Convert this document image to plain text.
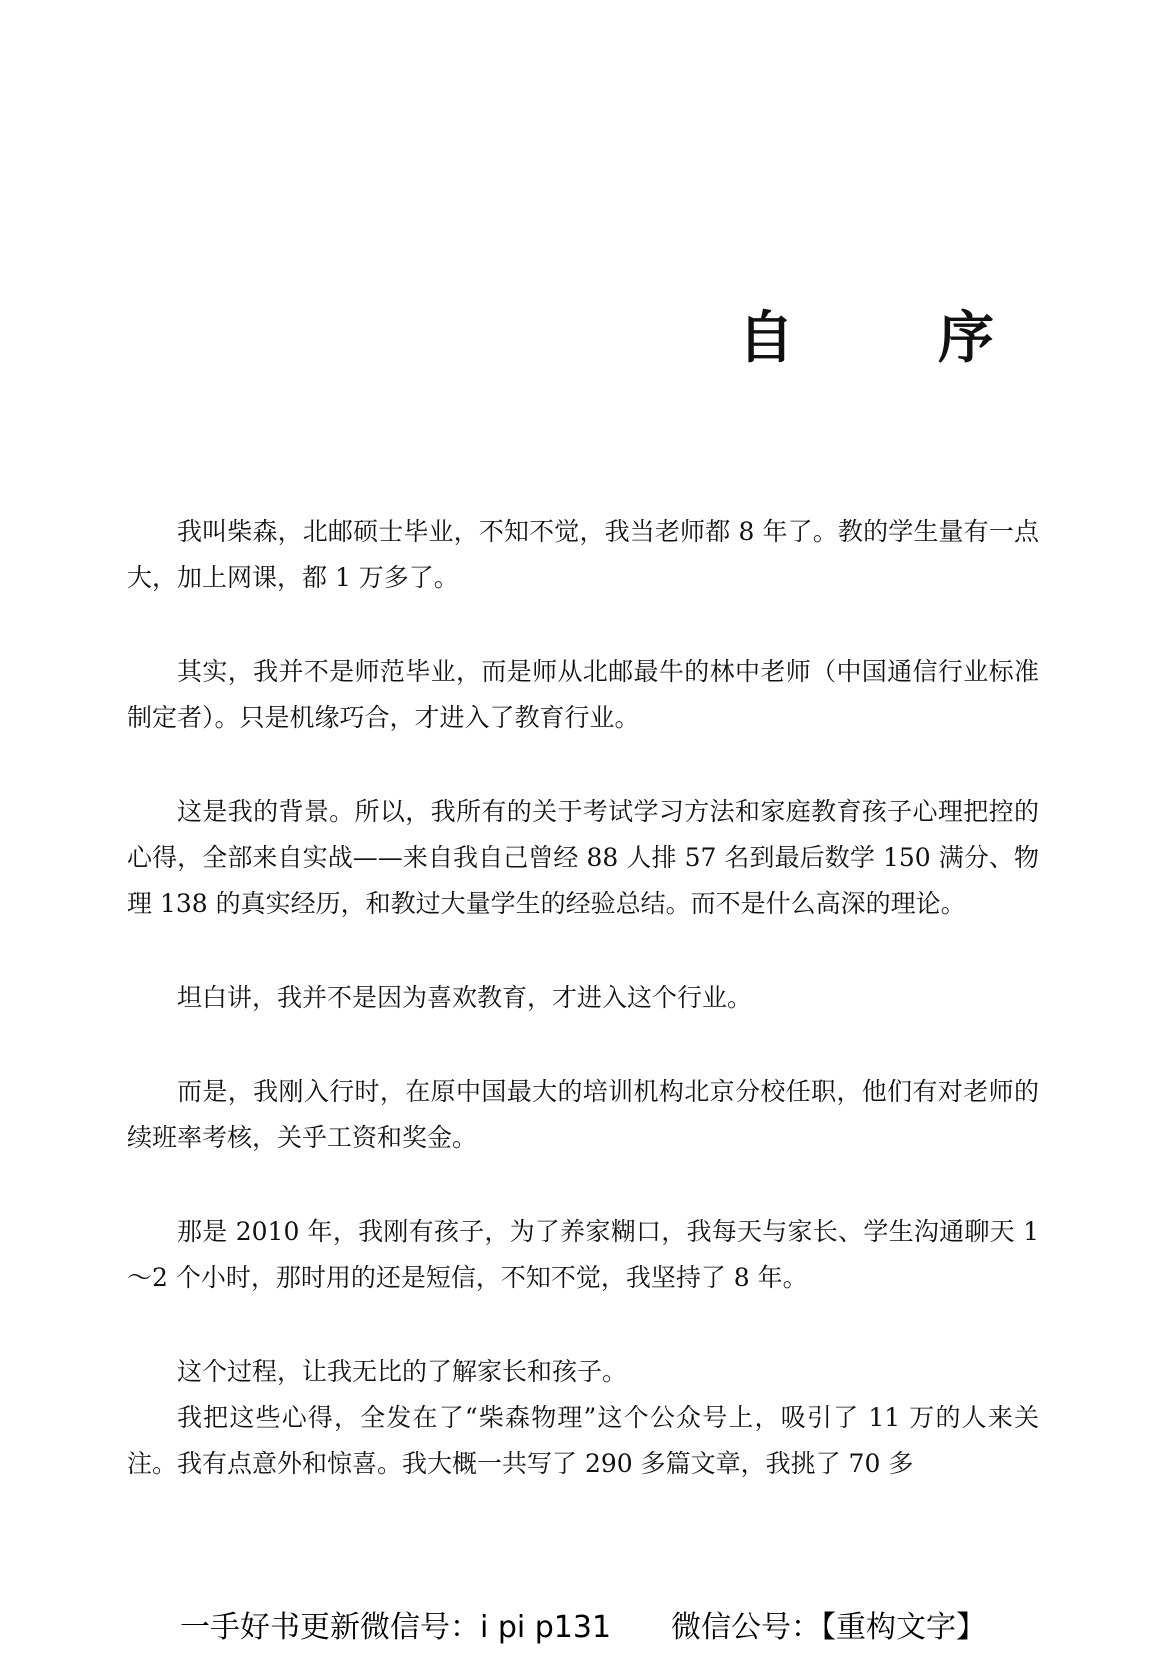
自　序

我叫柴森，北邮硕士毕业，不知不觉，我当老师都 8 年了。教的学生量有一点大，加上网课，都 1 万多了。

其实，我并不是师范毕业，而是师从北邮最牛的林中老师（中国通信行业标准制定者）。只是机缘巧合，才进入了教育行业。

这是我的背景。所以，我所有的关于考试学习方法和家庭教育孩子心理把控的心得，全部来自实战——来自我自己曾经 88 人排 57 名到最后数学 150 满分、物理 138 的真实经历，和教过大量学生的经验总结。而不是什么高深的理论。

坦白讲，我并不是因为喜欢教育，才进入这个行业。

而是，我刚入行时，在原中国最大的培训机构北京分校任职，他们有对老师的续班率考核，关乎工资和奖金。

那是 2010 年，我刚有孩子，为了养家糊口，我每天与家长、学生沟通聊天 1 ～2 个小时，那时用的还是短信，不知不觉，我坚持了 8 年。

这个过程，让我无比的了解家长和孩子。

我把这些心得，全发在了“柴森物理”这个公众号上，吸引了 11 万的人来关注。我有点意外和惊喜。我大概一共写了 290 多篇文章，我挑了 70 多

一手好书更新微信号：i pi p131　　微信公号：【重构文字】
